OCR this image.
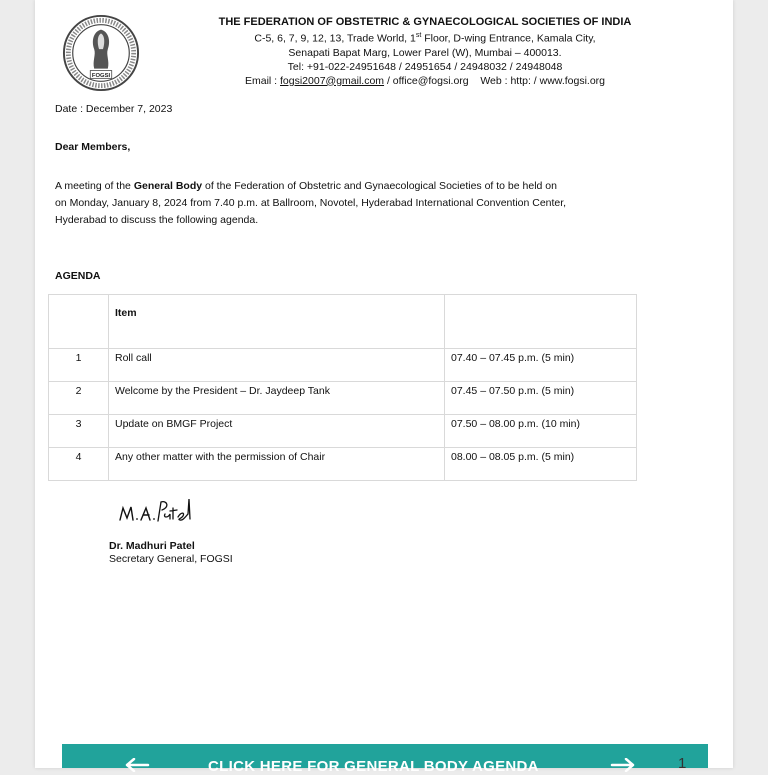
FOGSI
THE FEDERATION OF OBSTETRIC & GYNAECOLOGICAL SOCIETIES OF INDIA
C-5, 6, 7, 9, 12, 13, Trade World, 1st Floor, D-wing Entrance, Kamala City,
Senapati Bapat Marg, Lower Parel (W), Mumbai – 400013.
Tel: +91-022-24951648 / 24951654 / 24948032 / 24948048
Email : fogsi2007@gmail.com / office@fogsi.org Web : http: / www.fogsi.org
Date : December 7, 2023
Dear Members,
A meeting of the General Body of the Federation of Obstetric and Gynaecological Societies of to be held on
on Monday, January 8, 2024 from 7.40 p.m. at Ballroom, Novotel, Hyderabad International Convention Center,
Hyderabad to discuss the following agenda.
AGENDA
	Item	
1	Roll call	07.40 – 07.45 p.m. (5 min)
2	Welcome by the President – Dr. Jaydeep Tank	07.45 – 07.50 p.m. (5 min)
3	Update on BMGF Project	07.50 – 08.00 p.m. (10 min)
4	Any other matter with the permission of Chair	08.00 – 08.05 p.m. (5 min)
Dr. Madhuri Patel
Secretary General, FOGSI
CLICK HERE FOR GENERAL BODY AGENDA	1
